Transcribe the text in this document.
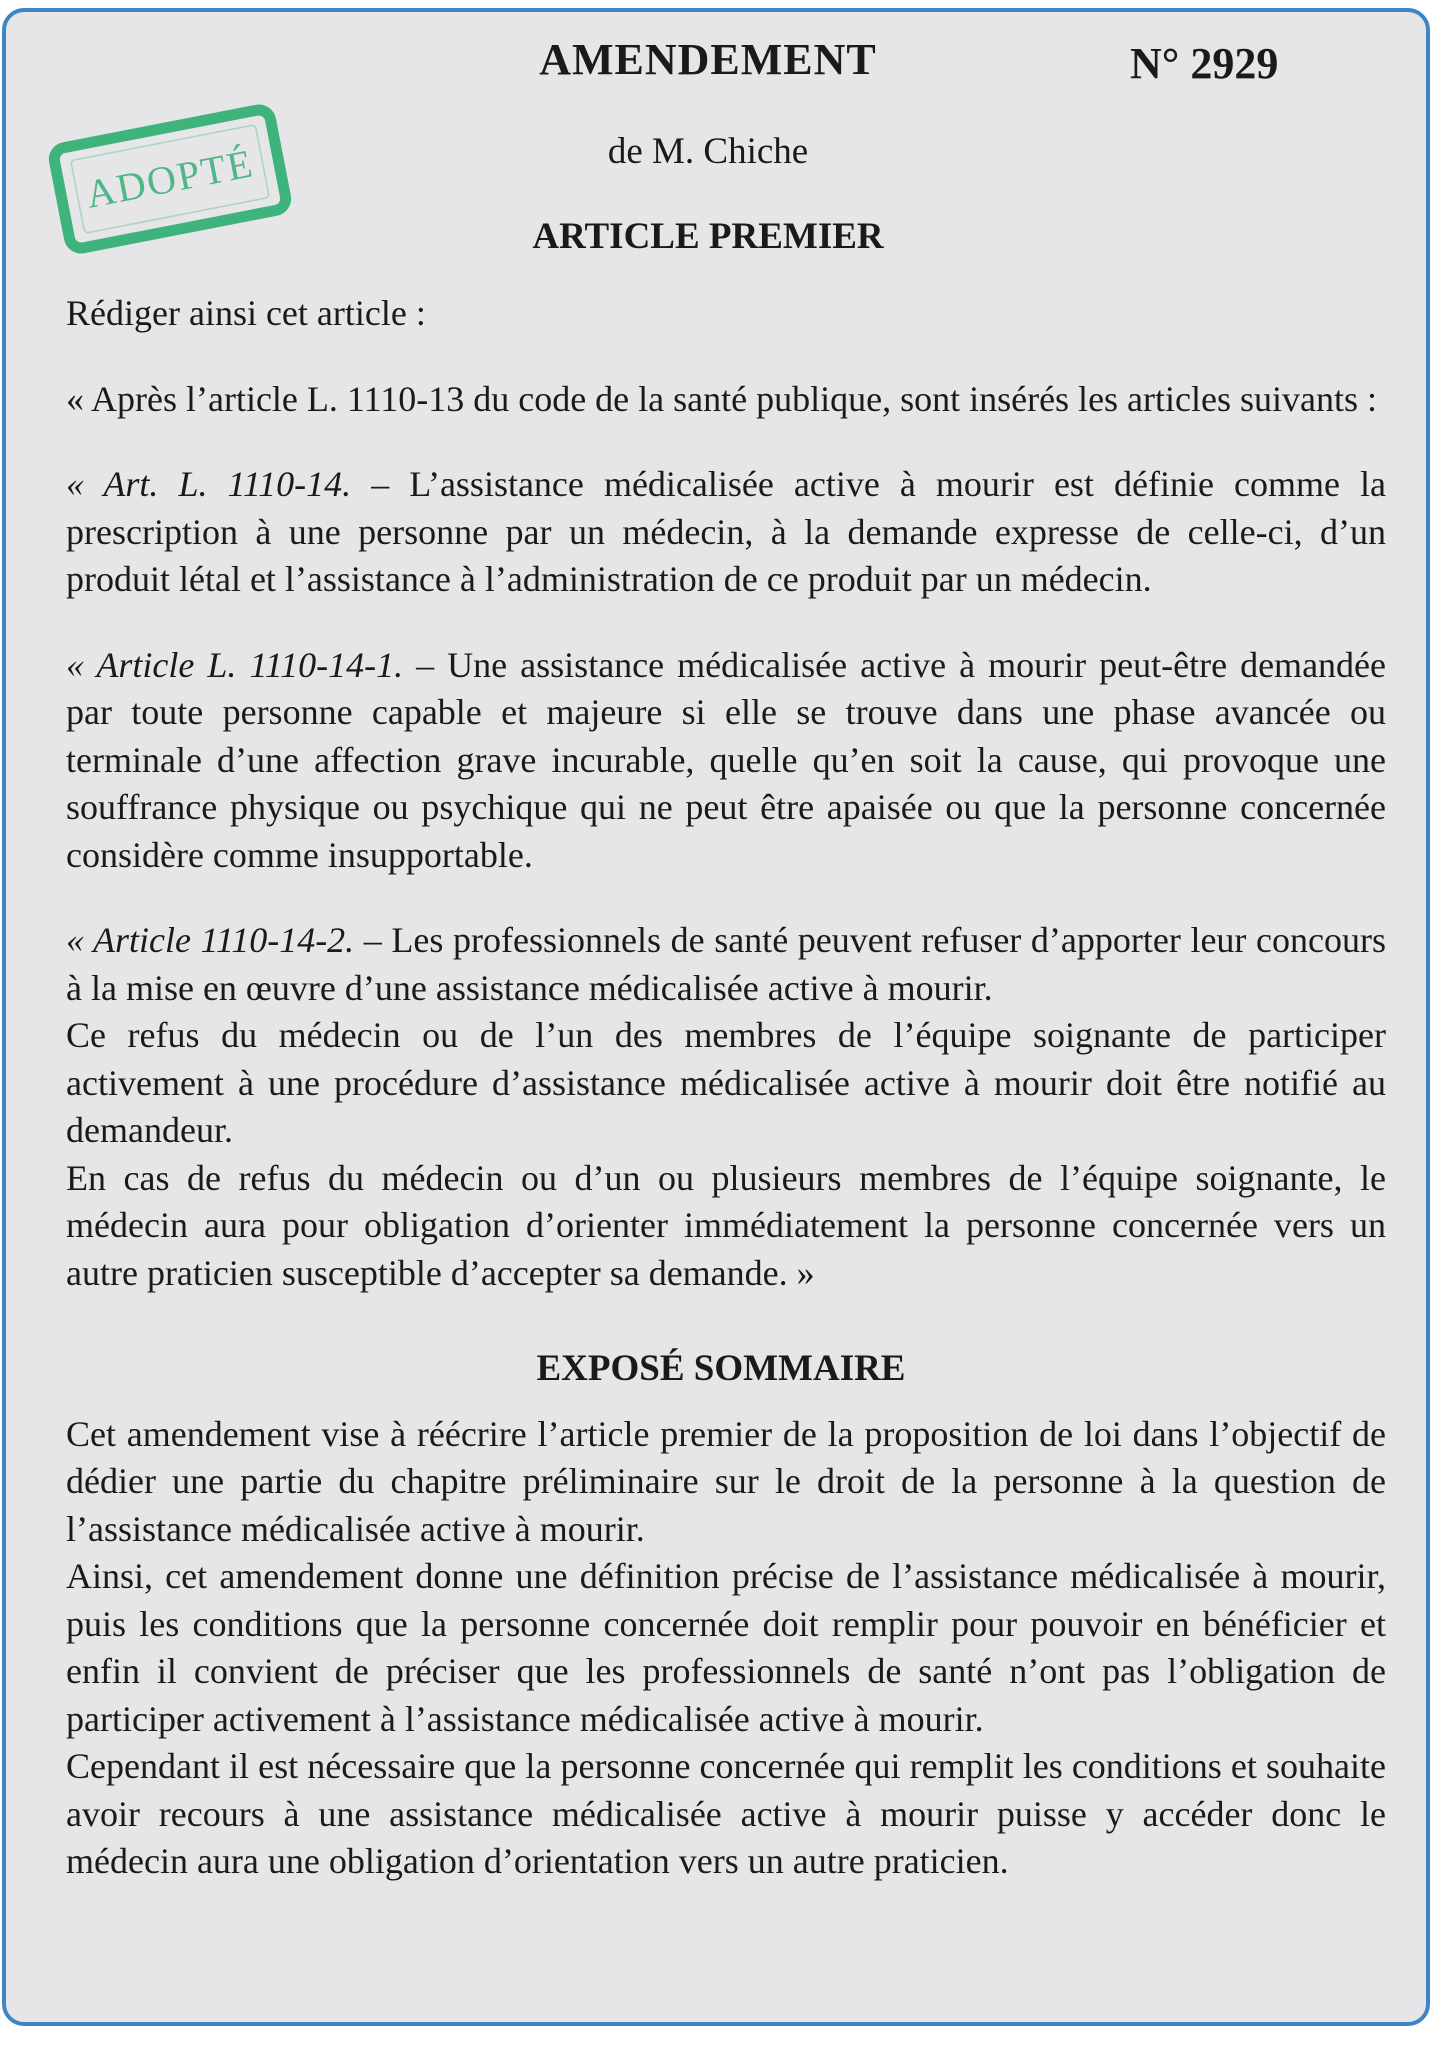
AMENDEMENT	N° 2929
de M. Chiche
ARTICLE PREMIER
ADOPTÉ

Rédiger ainsi cet article :

« Après l’article L. 1110-13 du code de la santé publique, sont insérés les articles suivants :

« Art. L. 1110-14. – L’assistance médicalisée active à mourir est définie comme la prescription à une personne par un médecin, à la demande expresse de celle-ci, d’un produit létal et l’assistance à l’administration de ce produit par un médecin.

« Article L. 1110-14-1. – Une assistance médicalisée active à mourir peut-être demandée par toute personne capable et majeure si elle se trouve dans une phase avancée ou terminale d’une affection grave incurable, quelle qu’en soit la cause, qui provoque une souffrance physique ou psychique qui ne peut être apaisée ou que la personne concernée considère comme insupportable.

« Article 1110-14-2. – Les professionnels de santé peuvent refuser d’apporter leur concours à la mise en œuvre d’une assistance médicalisée active à mourir.

Ce refus du médecin ou de l’un des membres de l’équipe soignante de participer activement à une procédure d’assistance médicalisée active à mourir doit être notifié au demandeur.

En cas de refus du médecin ou d’un ou plusieurs membres de l’équipe soignante, le médecin aura pour obligation d’orienter immédiatement la personne concernée vers un autre praticien susceptible d’accepter sa demande. »

EXPOSÉ SOMMAIRE

Cet amendement vise à réécrire l’article premier de la proposition de loi dans l’objectif de dédier une partie du chapitre préliminaire sur le droit de la personne à la question de l’assistance médicalisée active à mourir.

Ainsi, cet amendement donne une définition précise de l’assistance médicalisée à mourir, puis les conditions que la personne concernée doit remplir pour pouvoir en bénéficier et enfin il convient de préciser que les professionnels de santé n’ont pas l’obligation de participer activement à l’assistance médicalisée active à mourir.

Cependant il est nécessaire que la personne concernée qui remplit les conditions et souhaite avoir recours à une assistance médicalisée active à mourir puisse y accéder donc le médecin aura une obligation d’orientation vers un autre praticien.
